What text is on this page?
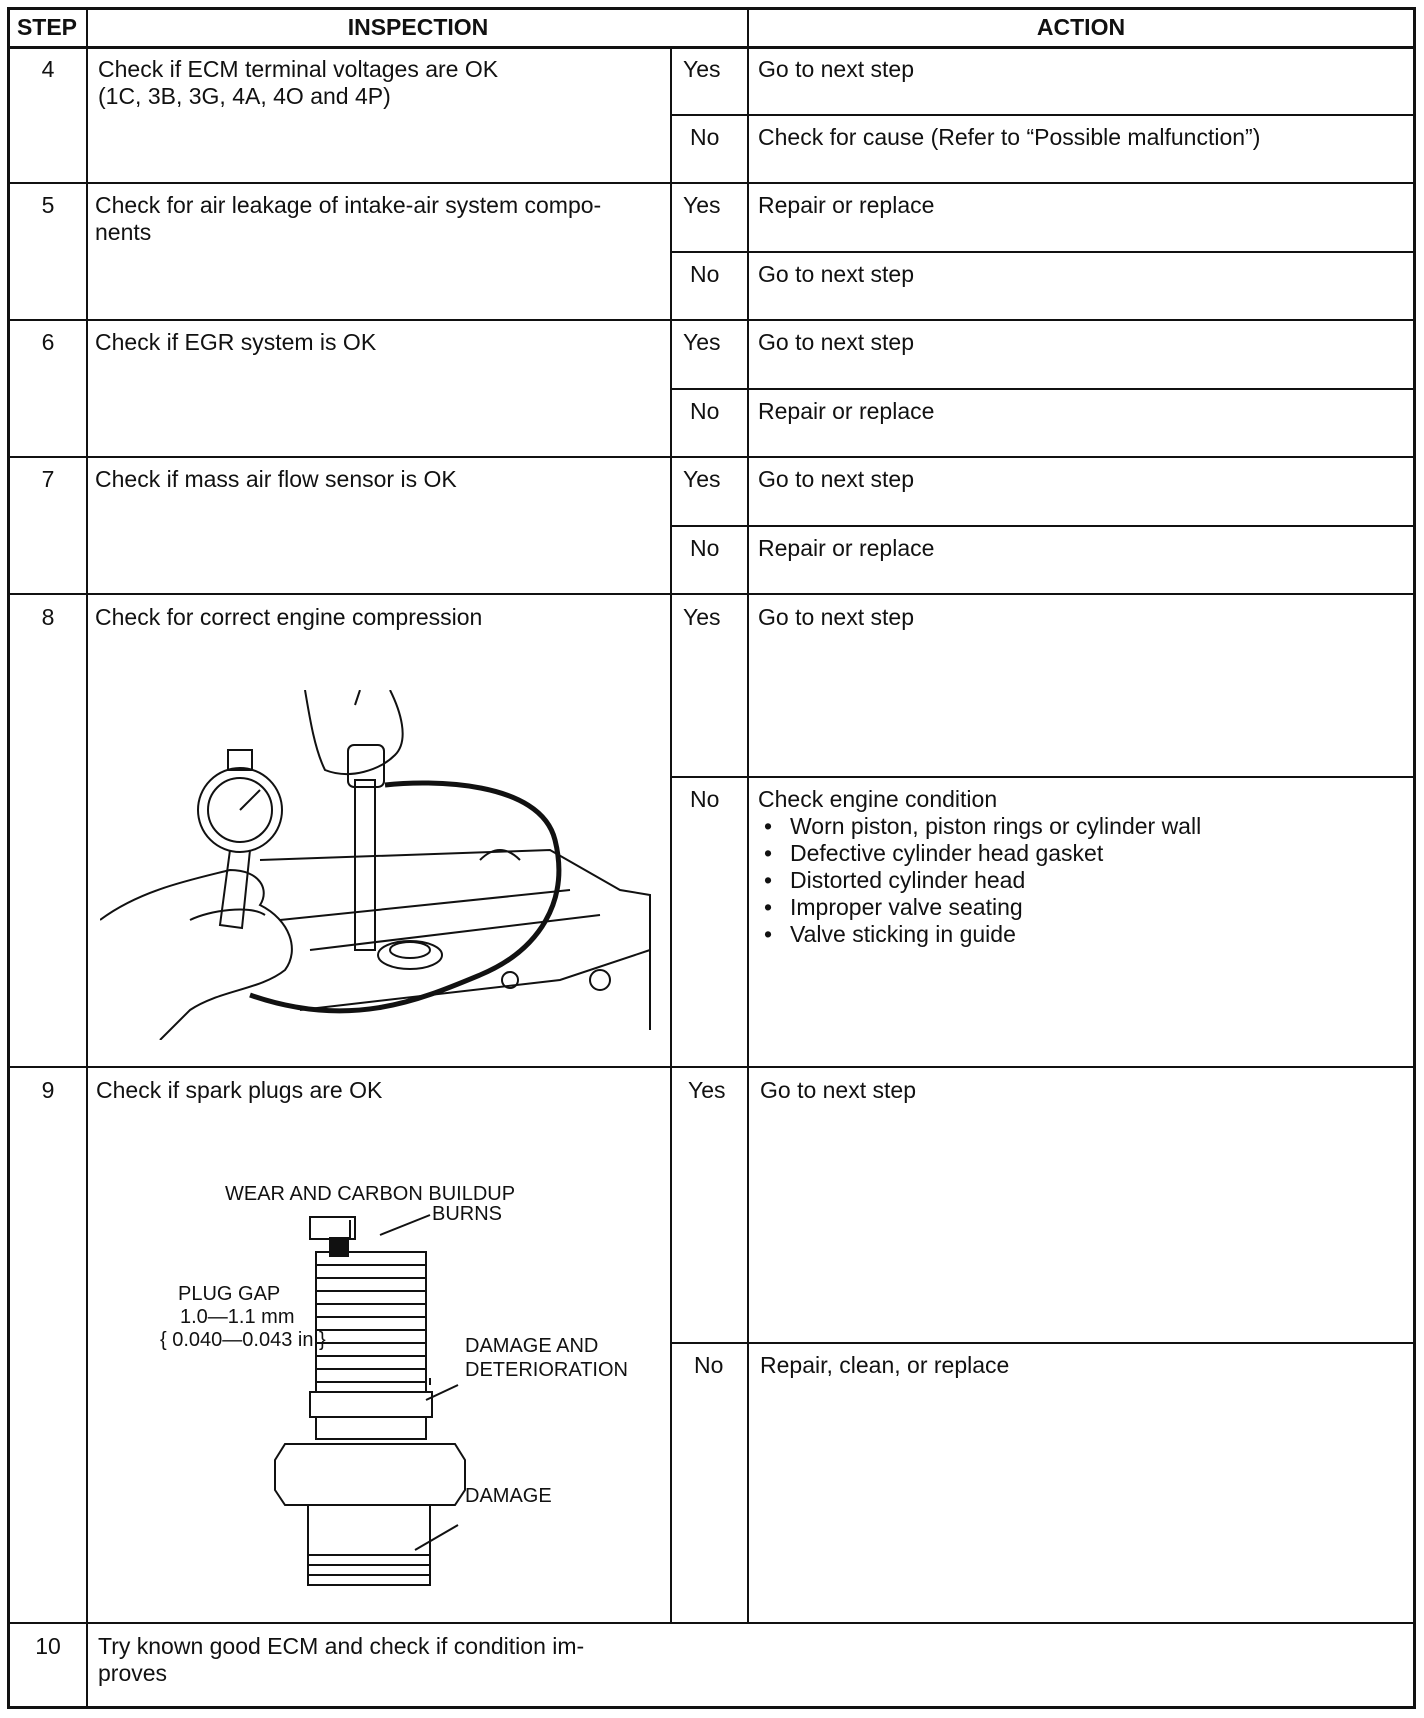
STEP	INSPECTION	ACTION
4	Check if ECM terminal voltages are OK
(1C, 3B, 3G, 4A, 4O and 4P)
Yes Go to next step
No Check for cause (Refer to “Possible malfunction”)
5	Check for air leakage of intake-air system compo-
nents
Yes Repair or replace
No Go to next step
6	Check if EGR system is OK	Yes Go to next step
No Repair or replace
7	Check if mass air flow sensor is OK	Yes Go to next step
No Repair or replace
8	Check for correct engine compression	Yes Go to next step
No Check engine condition
• Worn piston, piston rings or cylinder wall
• Defective cylinder head gasket
• Distorted cylinder head
• Improper valve seating
• Valve sticking in guide
9	Check if spark plugs are OK	Yes Go to next step
No Repair, clean, or replace
WEAR AND CARBON BUILDUP
BURNS
PLUG GAP
1.0—1.1 mm
{ 0.040—0.043 in }	DAMAGE AND
DETERIORATION
DAMAGE
10	Try known good ECM and check if condition im-
proves
